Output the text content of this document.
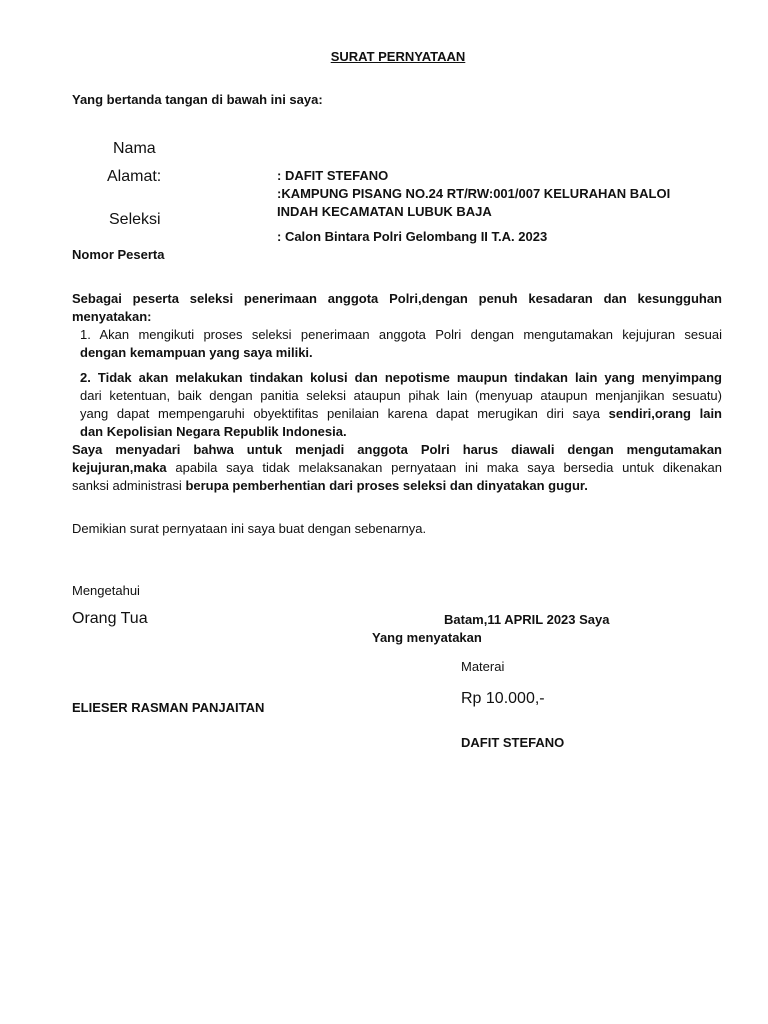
SURAT PERNYATAAN
Yang bertanda tangan di bawah ini saya:
Nama
Alamat:
Seleksi
Nomor Peserta
: DAFIT STEFANO
:KAMPUNG PISANG NO.24 RT/RW:001/007 KELURAHAN BALOI
INDAH KECAMATAN LUBUK BAJA
: Calon Bintara Polri Gelombang II T.A. 2023
Sebagai peserta seleksi penerimaan anggota Polri,dengan penuh kesadaran dan kesungguhan
menyatakan:
1. Akan mengikuti proses seleksi penerimaan anggota Polri dengan mengutamakan kejujuran sesuai
dengan kemampuan yang saya miliki.
2. Tidak akan melakukan tindakan kolusi dan nepotisme maupun tindakan lain yang menyimpang
dari ketentuan, baik dengan panitia seleksi ataupun pihak lain (menyuap ataupun menjanjikan sesuatu)
yang dapat mempengaruhi obyektifitas penilaian karena dapat merugikan diri saya sendiri,orang lain
dan Kepolisian Negara Republik Indonesia.
Saya menyadari bahwa untuk menjadi anggota Polri harus diawali dengan mengutamakan
kejujuran,maka apabila saya tidak melaksanakan pernyataan ini maka saya bersedia untuk dikenakan
sanksi administrasi berupa pemberhentian dari proses seleksi dan dinyatakan gugur.
Demikian surat pernyataan ini saya buat dengan sebenarnya.
Mengetahui
Orang Tua	Batam,11 APRIL 2023 Saya
Yang menyatakan
Materai
Rp 10.000,-
ELIESER RASMAN PANJAITAN
DAFIT STEFANO
